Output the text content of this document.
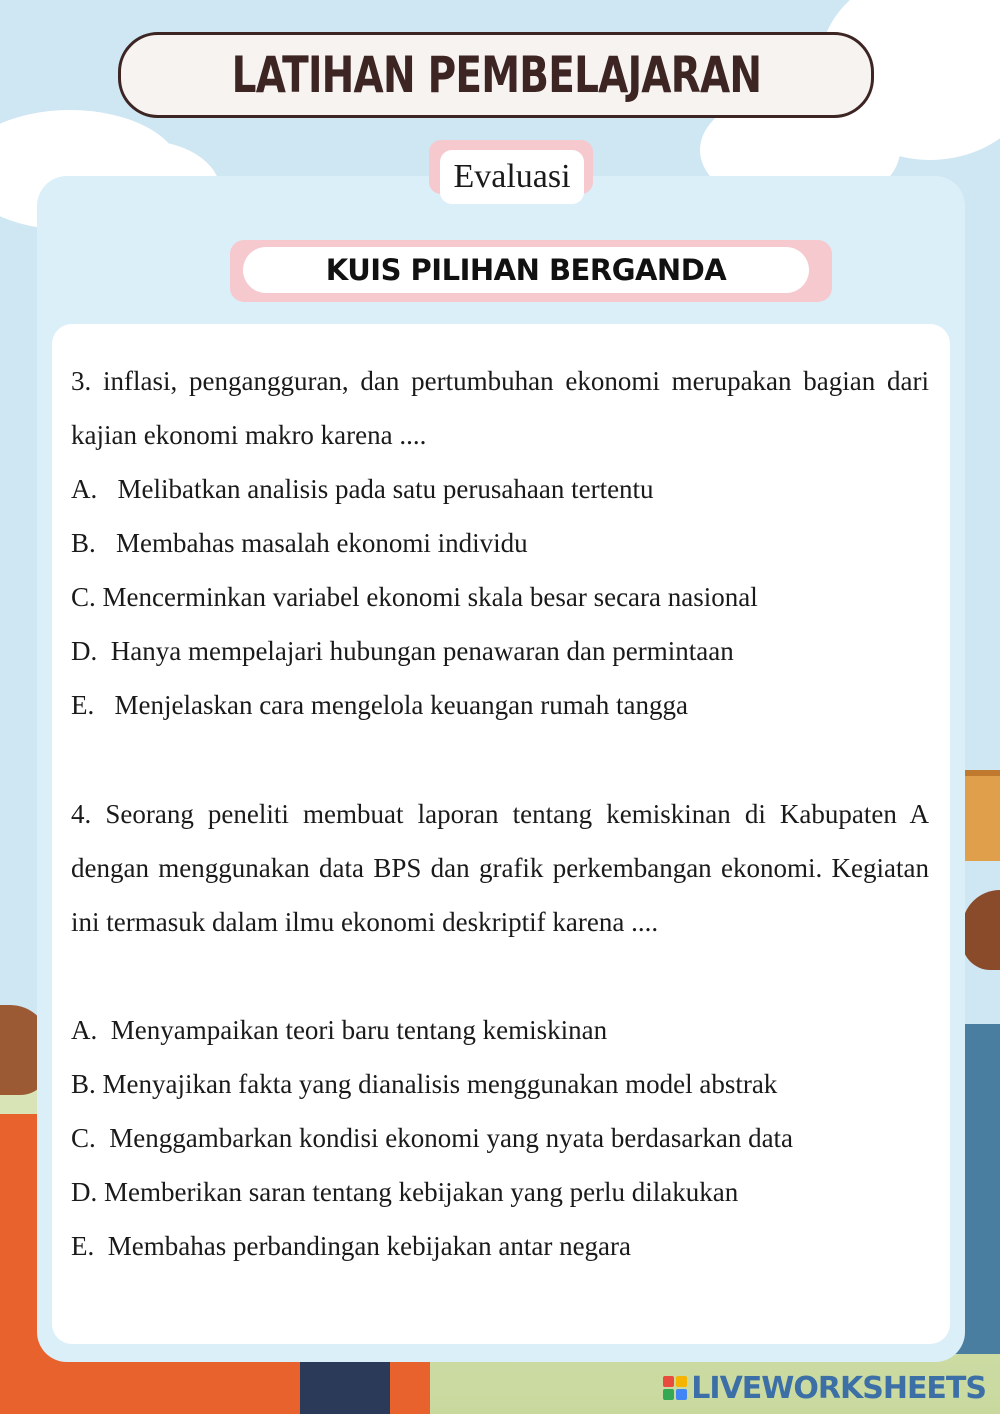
LATIHAN PEMBELAJARAN
Evaluasi
KUIS PILIHAN BERGANDA
3. inflasi, pengangguran, dan pertumbuhan ekonomi merupakan bagian dari kajian ekonomi makro karena ....
A.   Melibatkan analisis pada satu perusahaan tertentu
B.   Membahas masalah ekonomi individu
C. Mencerminkan variabel ekonomi skala besar secara nasional
D.  Hanya mempelajari hubungan penawaran dan permintaan
E.   Menjelaskan cara mengelola keuangan rumah tangga
4. Seorang peneliti membuat laporan tentang kemiskinan di Kabupaten A dengan menggunakan data BPS dan grafik perkembangan ekonomi. Kegiatan ini termasuk dalam ilmu ekonomi deskriptif karena ....
A.  Menyampaikan teori baru tentang kemiskinan
B. Menyajikan fakta yang dianalisis menggunakan model abstrak
C.  Menggambarkan kondisi ekonomi yang nyata berdasarkan data
D. Memberikan saran tentang kebijakan yang perlu dilakukan
E.  Membahas perbandingan kebijakan antar negara
LIVEWORKSHEETS
